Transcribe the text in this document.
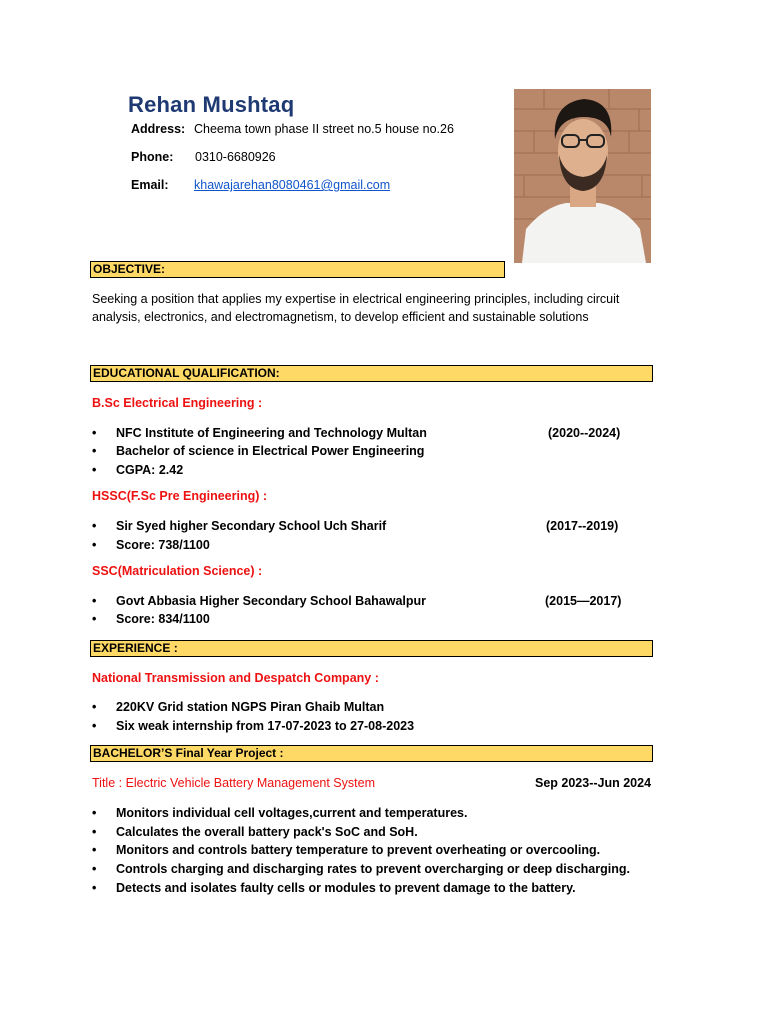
Rehan Mushtaq
Address: Cheema town phase II street no.5 house no.26
Phone: 0310-6680926
Email: khawajarehan8080461@gmail.com
OBJECTIVE:
Seeking a position that applies my expertise in electrical engineering principles, including circuit analysis, electronics, and electromagnetism, to develop efficient and sustainable solutions
EDUCATIONAL QUALIFICATION:
B.Sc Electrical Engineering :
• NFC Institute of Engineering and Technology Multan	(2020--2024)
• Bachelor of science in Electrical Power Engineering
• CGPA: 2.42
HSSC(F.Sc Pre Engineering) :
• Sir Syed higher Secondary School Uch Sharif	(2017--2019)
• Score: 738/1100
SSC(Matriculation Science) :
• Govt Abbasia Higher Secondary School Bahawalpur	(2015—2017)
• Score: 834/1100
EXPERIENCE :
National Transmission and Despatch Company :
• 220KV Grid station NGPS Piran Ghaib Multan
• Six weak internship from 17-07-2023 to 27-08-2023
BACHELOR’S Final Year Project :
Title : Electric Vehicle Battery Management System	Sep 2023--Jun 2024
• Monitors individual cell voltages,current and temperatures.
• Calculates the overall battery pack's SoC and SoH.
• Monitors and controls battery temperature to prevent overheating or overcooling.
• Controls charging and discharging rates to prevent overcharging or deep discharging.
• Detects and isolates faulty cells or modules to prevent damage to the battery.
